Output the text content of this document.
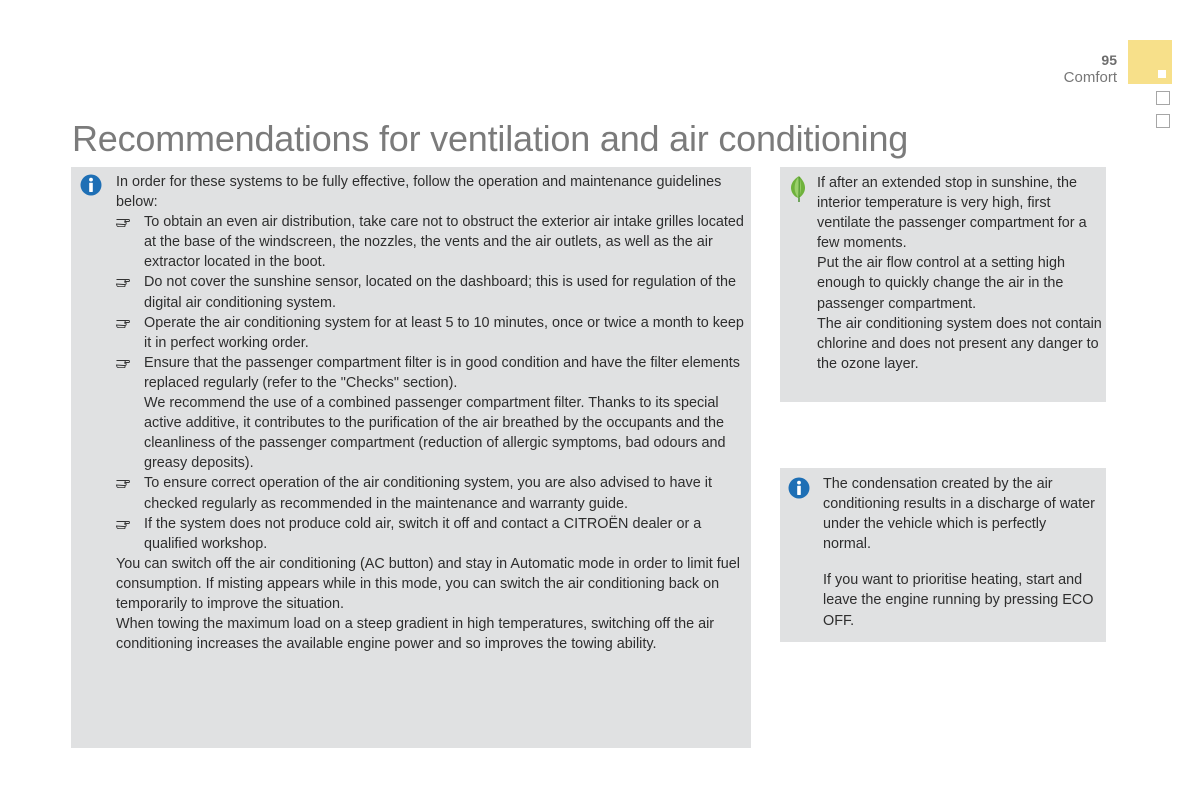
95
Comfort
Recommendations for ventilation and air conditioning

In order for these systems to be fully effective, follow the operation and maintenance guidelines below:

To obtain an even air distribution, take care not to obstruct the exterior air intake grilles located at the base of the windscreen, the nozzles, the vents and the air outlets, as well as the air extractor located in the boot.
Do not cover the sunshine sensor, located on the dashboard; this is used for regulation of the digital air conditioning system.
Operate the air conditioning system for at least 5 to 10 minutes, once or twice a month to keep it in perfect working order.
Ensure that the passenger compartment filter is in good condition and have the filter elements replaced regularly (refer to the "Checks" section).
We recommend the use of a combined passenger compartment filter. Thanks to its special active additive, it contributes to the purification of the air breathed by the occupants and the cleanliness of the passenger compartment (reduction of allergic symptoms, bad odours and greasy deposits).
To ensure correct operation of the air conditioning system, you are also advised to have it checked regularly as recommended in the maintenance and warranty guide.
If the system does not produce cold air, switch it off and contact a CITROËN dealer or a qualified workshop.

You can switch off the air conditioning (AC button) and stay in Automatic mode in order to limit fuel consumption. If misting appears while in this mode, you can switch the air conditioning back on temporarily to improve the situation.

When towing the maximum load on a steep gradient in high temperatures, switching off the air conditioning increases the available engine power and so improves the towing ability.

If after an extended stop in sunshine, the interior temperature is very high, first ventilate the passenger compartment for a few moments.

Put the air flow control at a setting high enough to quickly change the air in the passenger compartment.

The air conditioning system does not contain chlorine and does not present any danger to the ozone layer.

The condensation created by the air conditioning results in a discharge of water under the vehicle which is perfectly normal.

If you want to prioritise heating, start and leave the engine running by pressing ECO OFF.
